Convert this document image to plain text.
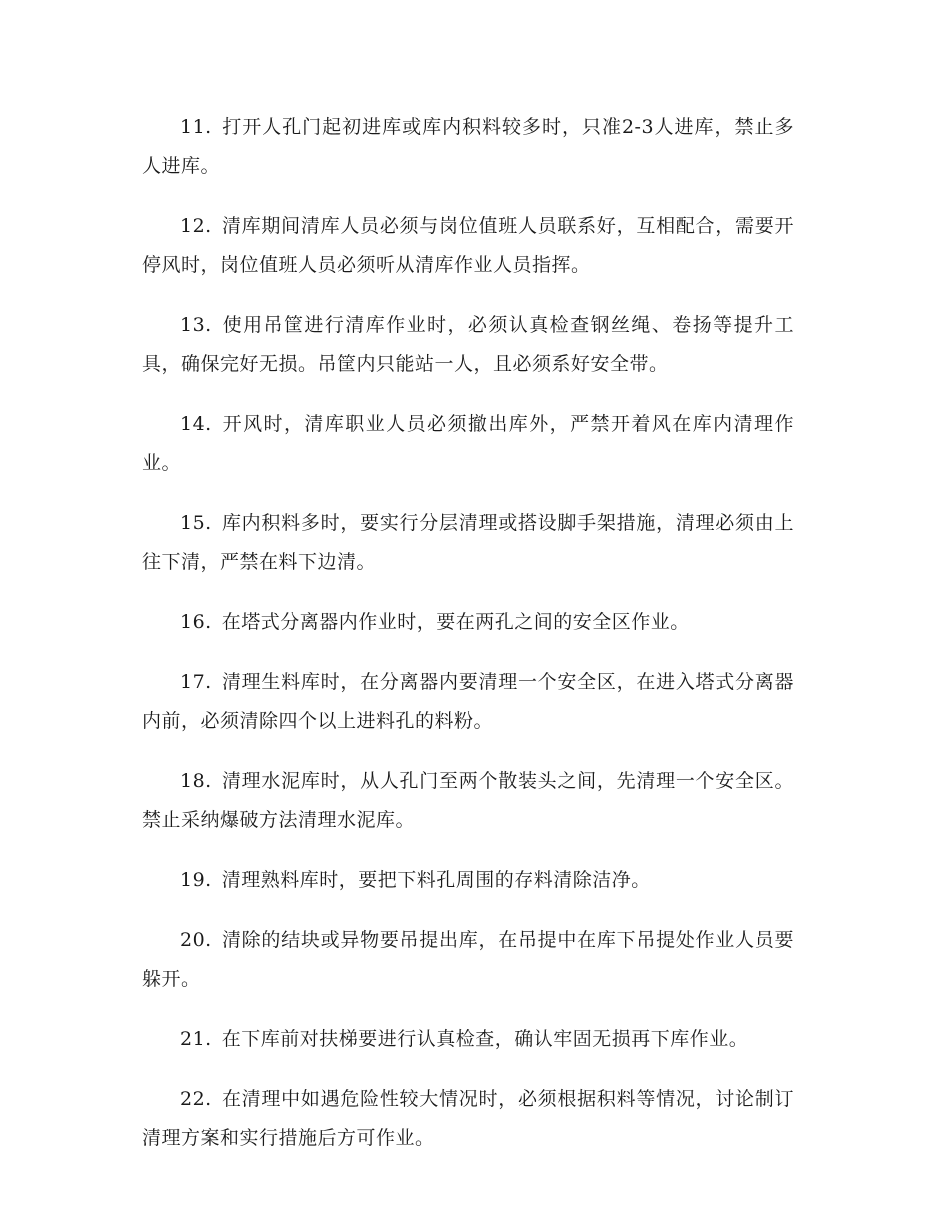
11. 打开人孔门起初进库或库内积料较多时，只准2-3人进库，禁止多人进库。

12. 清库期间清库人员必须与岗位值班人员联系好，互相配合，需要开停风时，岗位值班人员必须听从清库作业人员指挥。

13. 使用吊筐进行清库作业时，必须认真检查钢丝绳、卷扬等提升工具，确保完好无损。吊筐内只能站一人，且必须系好安全带。

14. 开风时，清库职业人员必须撤出库外，严禁开着风在库内清理作业。

15. 库内积料多时，要实行分层清理或搭设脚手架措施，清理必须由上往下清，严禁在料下边清。

16. 在塔式分离器内作业时，要在两孔之间的安全区作业。

17. 清理生料库时，在分离器内要清理一个安全区，在进入塔式分离器内前，必须清除四个以上进料孔的料粉。

18. 清理水泥库时，从人孔门至两个散装头之间，先清理一个安全区。禁止采纳爆破方法清理水泥库。

19. 清理熟料库时，要把下料孔周围的存料清除洁净。

20. 清除的结块或异物要吊提出库，在吊提中在库下吊提处作业人员要躲开。

21. 在下库前对扶梯要进行认真检查，确认牢固无损再下库作业。

22. 在清理中如遇危险性较大情况时，必须根据积料等情况，讨论制订清理方案和实行措施后方可作业。
